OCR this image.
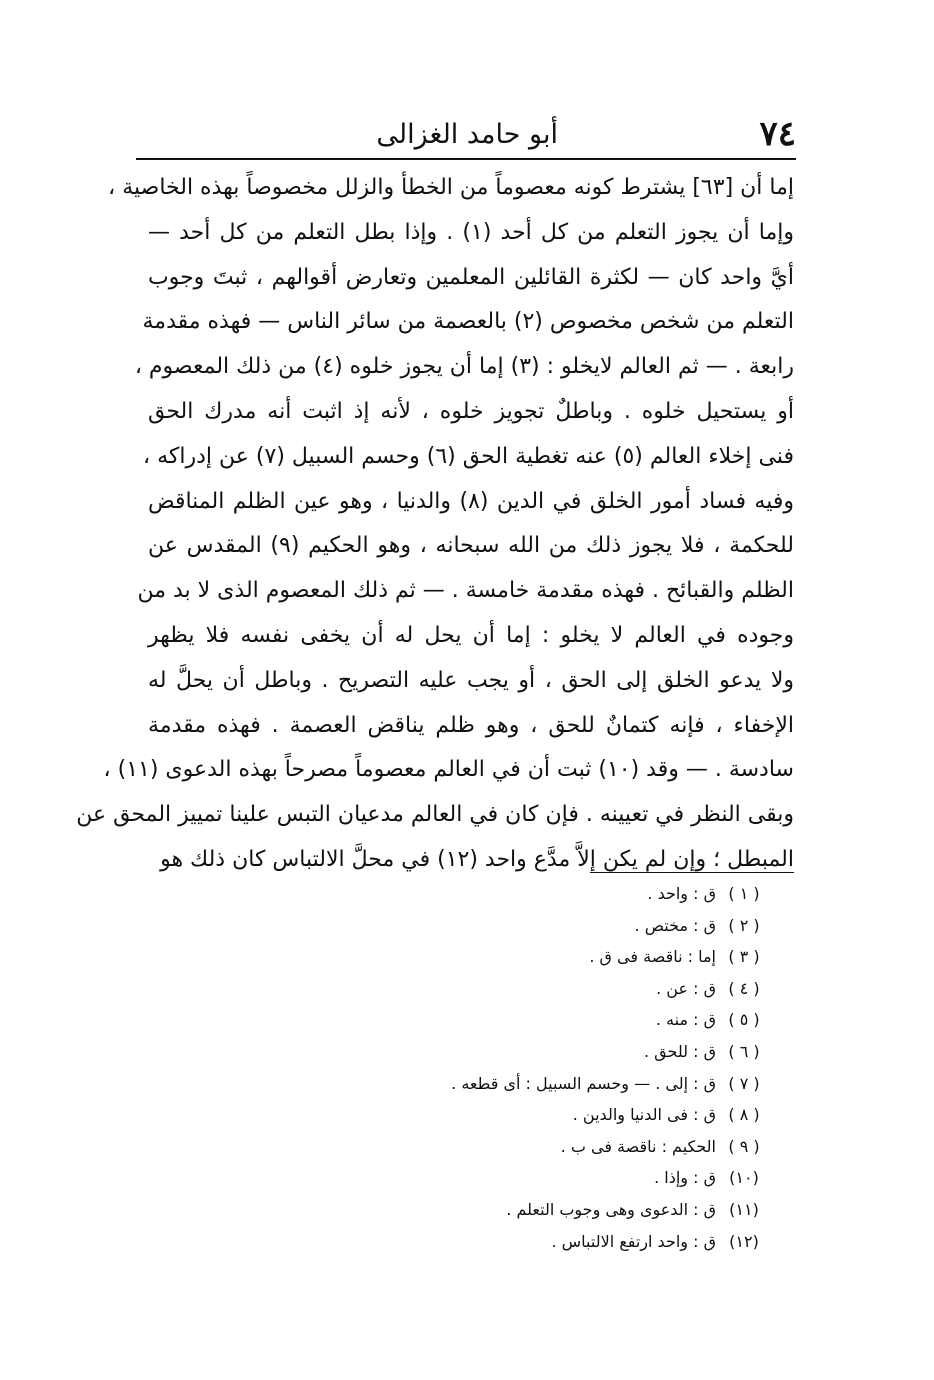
٧٤
أبو حامد الغزالى
إما أن [٦٣] يشترط كونه معصوماً من الخطأ والزلل مخصوصاً بهذه الخاصية ،
وإما أن يجوز التعلم من كل أحد (١) . وإذا بطل التعلم من كل أحد —
أيَّ واحد كان — لكثرة القائلين المعلمين وتعارض أقوالهم ، ثبتَ وجوب
التعلم من شخص مخصوص (٢) بالعصمة من سائر الناس — فهذه مقدمة
رابعة . — ثم العالم لايخلو : (٣) إما أن يجوز خلوه (٤) من ذلك المعصوم ،
أو يستحيل خلوه . وباطلٌ تجويز خلوه ، لأنه إذ اثبت أنه مدرك الحق
فنى إخلاء العالم (٥) عنه تغطية الحق (٦) وحسم السبيل (٧) عن إدراكه ،
وفيه فساد أمور الخلق في الدين (٨) والدنيا ، وهو عين الظلم المناقض
للحكمة ، فلا يجوز ذلك من الله سبحانه ، وهو الحكيم (٩) المقدس عن
الظلم والقبائح . فهذه مقدمة خامسة . — ثم ذلك المعصوم الذى لا بد من
وجوده في العالم لا يخلو : إما أن يحل له أن يخفى نفسه فلا يظهر
ولا يدعو الخلق إلى الحق ، أو يجب عليه التصريح . وباطل أن يحلَّ له
الإخفاء ، فإنه كتمانٌ للحق ، وهو ظلم يناقض العصمة . فهذه مقدمة
سادسة . — وقد (١٠) ثبت أن في العالم معصوماً مصرحاً بهذه الدعوى (١١) ،
وبقى النظر في تعيينه . فإن كان في العالم مدعيان التبس علينا تمييز المحق عن
المبطل ؛ وإن لم يكن إلاَّ مدَّع واحد (١٢) في محلَّ الالتباس كان ذلك هو
( ١ )ق : واحد .
( ٢ )ق : مختص .
( ٣ )إما : ناقصة فى ق .
( ٤ )ق : عن .
( ٥ )ق : منه .
( ٦ )ق : للحق .
( ٧ )ق : إلى . — وحسم السبيل : أى قطعه .
( ٨ )ق : فى الدنيا والدين .
( ٩ )الحكيم : ناقصة فى ب .
(١٠)ق : وإذا .
(١١)ق : الدعوى وهى وجوب التعلم .
(١٢)ق : واحد ارتفع الالتباس .
